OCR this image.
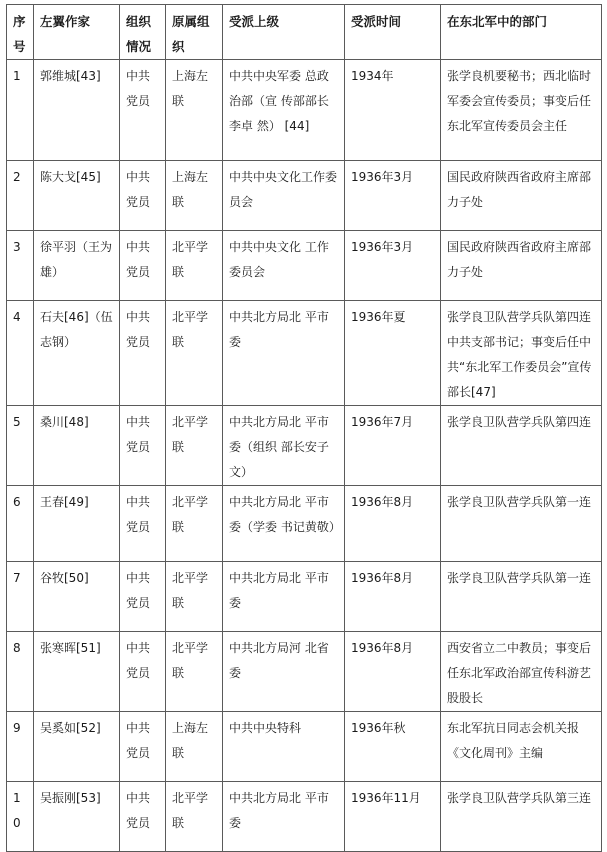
序号	左翼作家	组织情况	原属组织	受派上级	受派时间	在东北军中的部门
1	郭维城[43]	中共党员	上海左联	中共中央军委 总政治部（宣 传部部长李卓 然） [44]	1934年	张学良机要秘书；西北临时军委会宣传委员；事变后任东北军宣传委员会主任
2	陈大戈[45]	中共党员	上海左联	中共中央文化工作委员会	1936年3月	国民政府陕西省政府主席部力子处
3	徐平羽（王为雄）	中共党员	北平学联	中共中央文化 工作委员会	1936年3月	国民政府陕西省政府主席部力子处
4	石夫[46]（伍志钢）	中共党员	北平学联	中共北方局北 平市委	1936年夏	张学良卫队营学兵队第四连中共支部书记；事变后任中共“东北军工作委员会”宣传部长[47]
5	桑川[48]	中共党员	北平学联	中共北方局北 平市委（组织 部长安子文）	1936年7月	张学良卫队营学兵队第四连
6	王春[49]	中共党员	北平学联	中共北方局北 平市委（学委 书记黄敬）	1936年8月	张学良卫队营学兵队第一连
7	谷牧[50]	中共党员	北平学联	中共北方局北 平市委	1936年8月	张学良卫队营学兵队第一连
8	张寒晖[51]	中共党员	北平学联	中共北方局河 北省委	1936年8月	西安省立二中教员；事变后任东北军政治部宣传科游艺股股长
9	吴奚如[52]	中共党员	上海左联	中共中央特科	1936年秋	东北军抗日同志会机关报《文化周刊》主编
10	吴振刚[53]	中共党员	北平学联	中共北方局北 平市委	1936年11月	张学良卫队营学兵队第三连
